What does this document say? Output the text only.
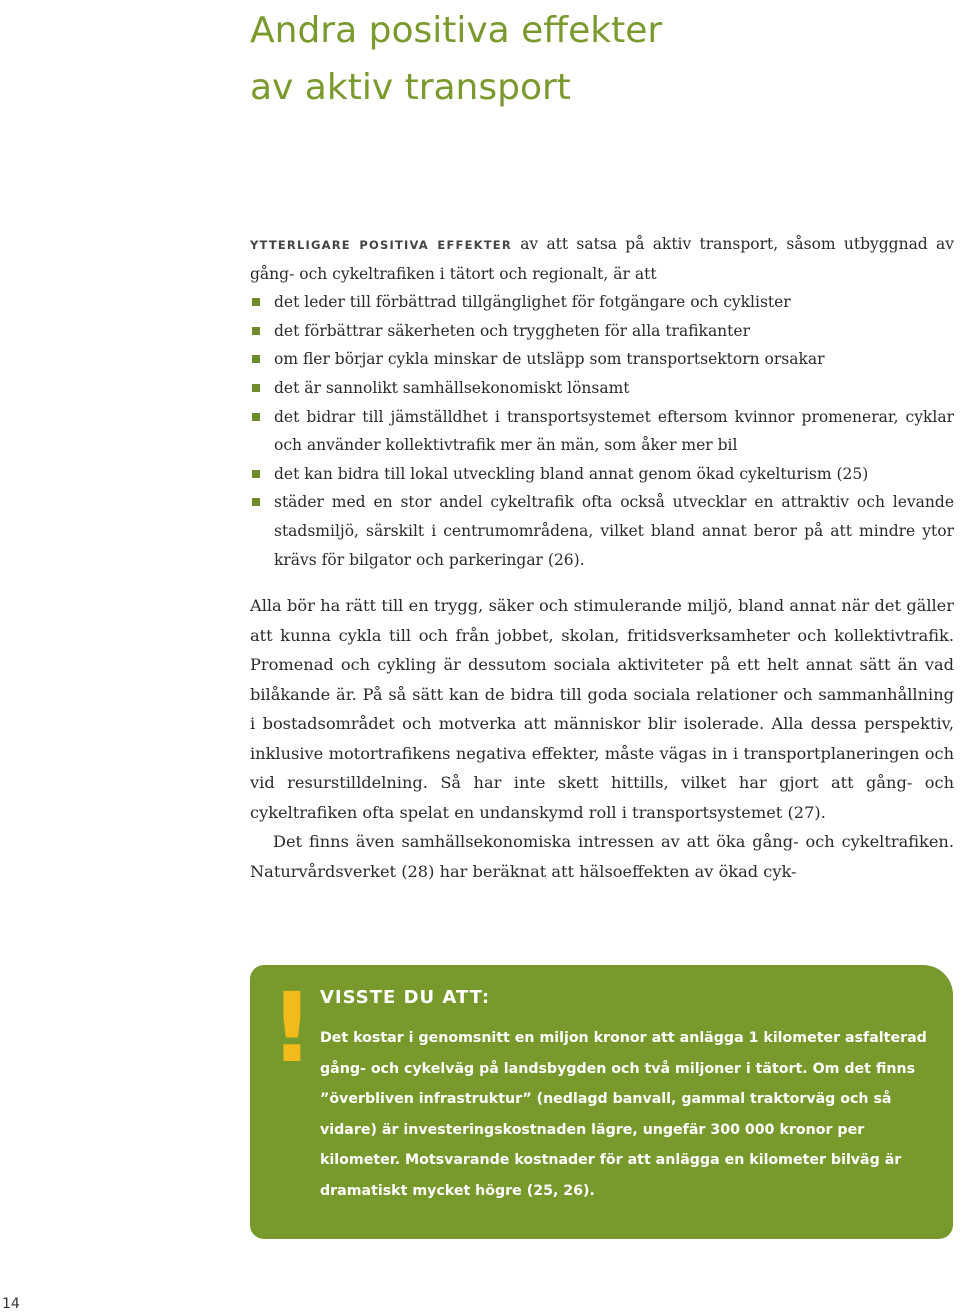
Andra positiva effekter
av aktiv transport
YTTERLIGARE POSITIVA EFFEKTER av att satsa på aktiv transport, såsom utbyggnad av gång- och cykeltrafiken i tätort och regionalt, är att
det leder till förbättrad tillgänglighet för fotgängare och cyklister
det förbättrar säkerheten och tryggheten för alla trafikanter
om fler börjar cykla minskar de utsläpp som transportsektorn orsakar
det är sannolikt samhällsekonomiskt lönsamt
det bidrar till jämställdhet i transportsystemet eftersom kvinnor promenerar, cyklar och använder kollektivtrafik mer än män, som åker mer bil
det kan bidra till lokal utveckling bland annat genom ökad cykelturism (25)
städer med en stor andel cykeltrafik ofta också utvecklar en attraktiv och levande stadsmiljö, särskilt i centrumområdena, vilket bland annat beror på att mindre ytor krävs för bilgator och parkeringar (26).

Alla bör ha rätt till en trygg, säker och stimulerande miljö, bland annat när det gäller att kunna cykla till och från jobbet, skolan, fritidsverksamheter och kollektivtrafik. Promenad och cykling är dessutom sociala aktiviteter på ett helt annat sätt än vad bilåkande är. På så sätt kan de bidra till goda sociala relationer och sammanhållning i bostadsområdet och motverka att människor blir isolerade. Alla dessa perspektiv, inklusive motortrafikens negativa effekter, måste vägas in i transportplaneringen och vid resurstilldelning. Så har inte skett hittills, vilket har gjort att gång- och cykeltrafiken ofta spelat en undanskymd roll i transportsystemet (27).

Det finns även samhällsekonomiska intressen av att öka gång- och cykeltrafiken. Naturvårdsverket (28) har beräknat att hälsoeffekten av ökad cyk-

! VISSTE DU ATT:

Det kostar i genomsnitt en miljon kronor att anlägga 1 kilometer asfalterad gång- och cykelväg på landsbygden och två miljoner i tätort. Om det finns ”överbliven infrastruktur” (nedlagd banvall, gammal traktorväg och så vidare) är investeringskostnaden lägre, ungefär 300 000 kronor per kilometer. Motsvarande kostnader för att anlägga en kilometer bilväg är dramatiskt mycket högre (25, 26).

14
